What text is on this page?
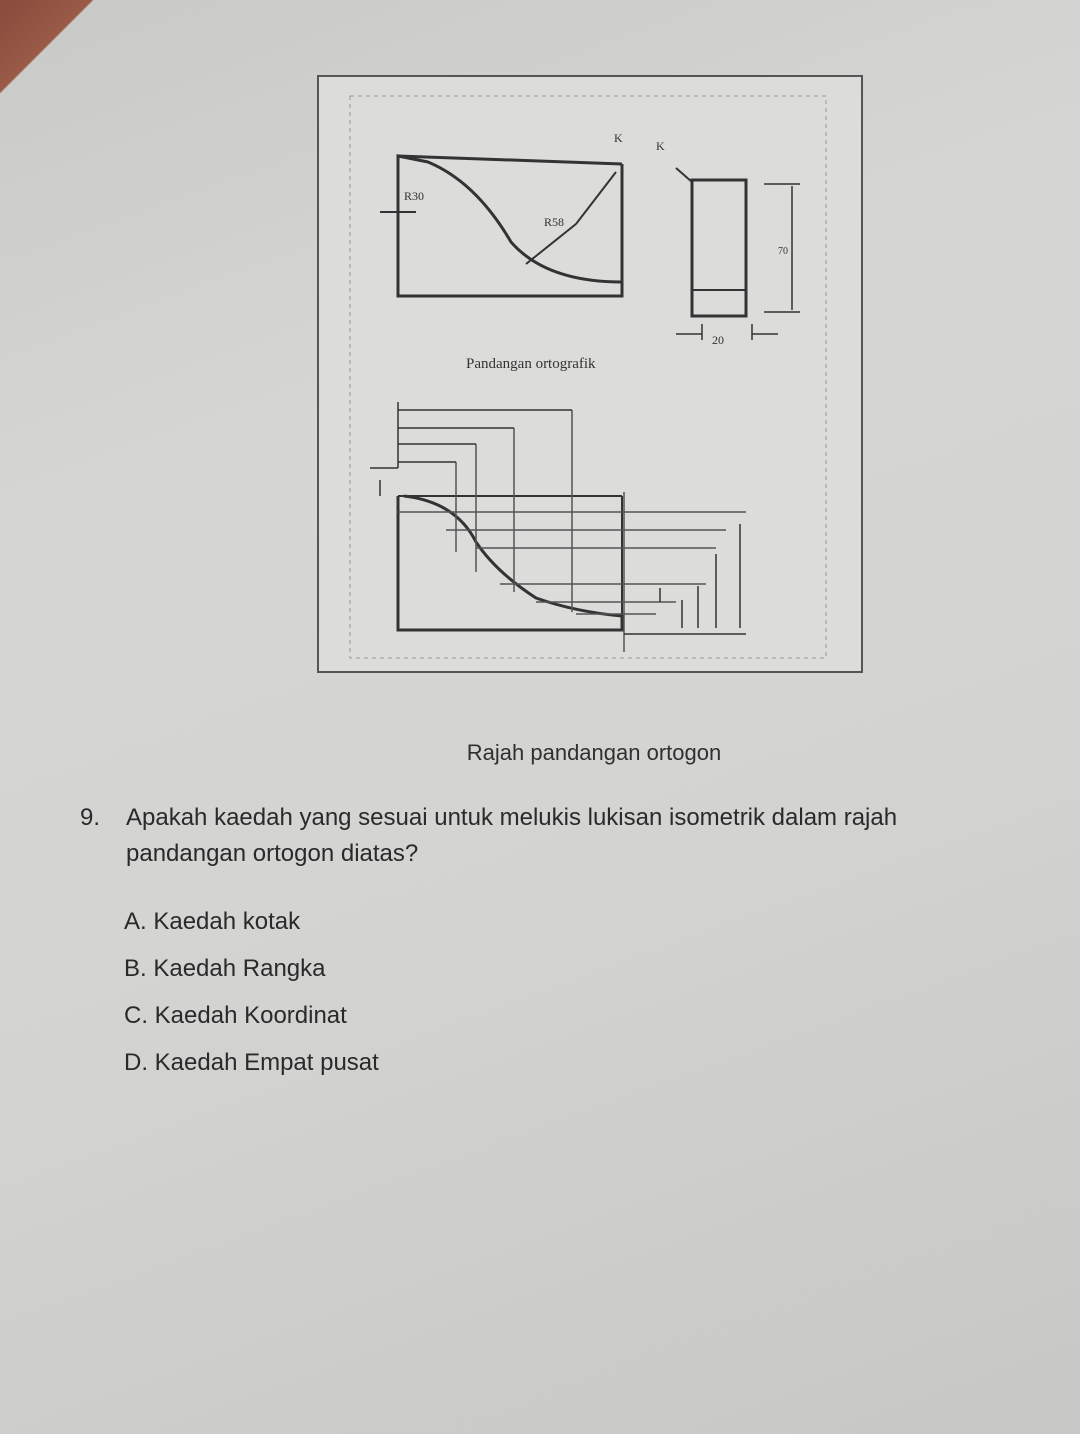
R30
R58
K
K
20
70
Pandangan ortografik
Rajah pandangan ortogon
9. Apakah kaedah yang sesuai untuk melukis lukisan isometrik dalam rajah pandangan ortogon diatas?
A. Kaedah kotak
B. Kaedah Rangka
C. Kaedah Koordinat
D. Kaedah Empat pusat
